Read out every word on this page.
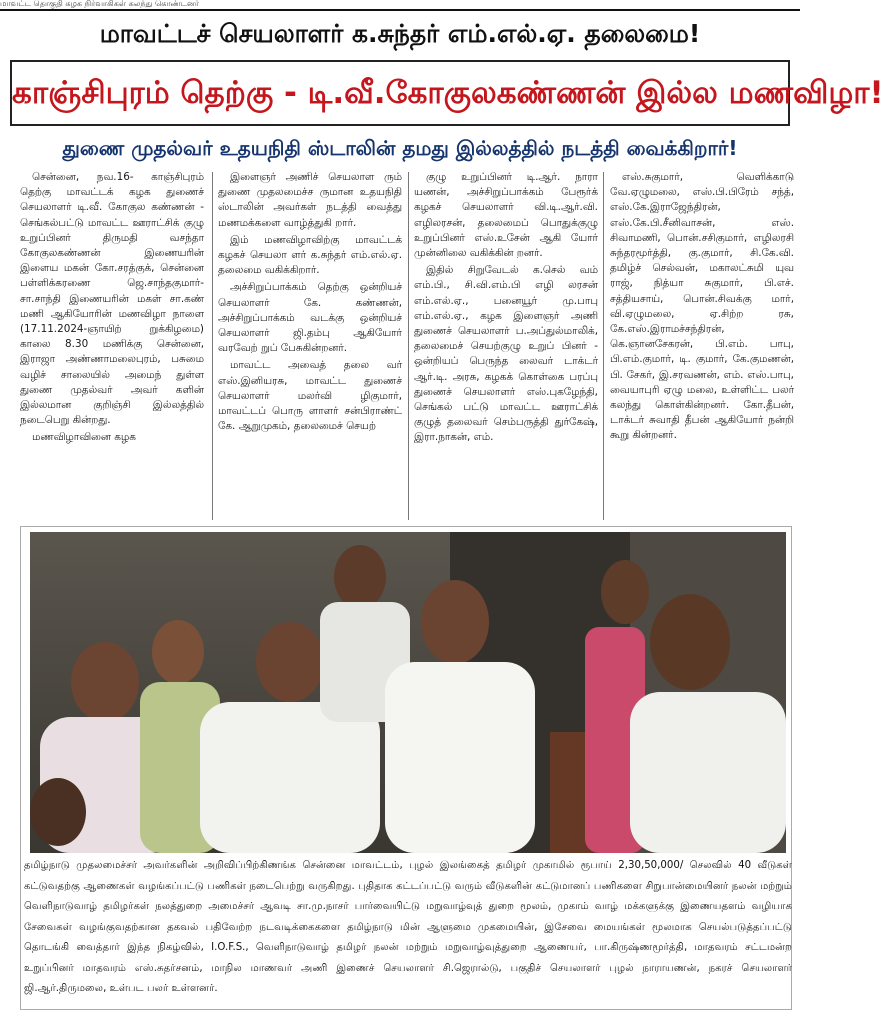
மாவட்ட தொகுதி கழக நிர்வாகிகள் கலந்து கொண்டனர்
மாவட்டச் செயலாளர் க.சுந்தர் எம்.எல்.ஏ. தலைமை!
காஞ்சிபுரம் தெற்கு - டி.வீ.கோகுலகண்ணன் இல்ல மணவிழா!
துணை முதல்வர் உதயநிதி ஸ்டாலின் தமது இல்லத்தில் நடத்தி வைக்கிறார்!

சென்னை, நவ.16- காஞ்சிபுரம் தெற்கு மாவட்டக் கழக துணைச் செயலாளர் டி.வீ. கோகுல கண்ணன் - செங்கல்பட்டு மாவட்ட ஊராட்சிக் குழு உறுப்பினர் திருமதி வசந்தா கோகுலகண்ணன் இணையரின் இளைய மகன் கோ.சரத்குக், சென்னை பள்ளிக்கரணை ஜெ.சாந்தகுமார்- சா.சாந்தி இணையரின் மகள் சா.கண் மணி ஆகியோரின் மணவிழா நாளை (17.11.2024-ஞாயிற் றுக்கிழமை) காலை 8.30 மணிக்கு சென்னை, இராஜா அண்ணாமலைபுரம், பசுமை வழிச் சாலையில் அமைந் துள்ள துணை முதல்வர் அவர் களின் இல்லமான குறிஞ்சி இல்லத்தில் நடைபெறு கின்றது.

மணவிழாவினை கழக

இளைஞர் அணிச் செயலாள ரும் துணை முதலமைச்ச ருமான உதயநிதி ஸ்டாலின் அவர்கள் நடத்தி வைத்து மணமக்களை வாழ்த்துகி றார்.

இம் மணவிழாவிற்கு மாவட்டக் கழகச் செயலா ளர் க.சுந்தர் எம்.எல்.ஏ. தலைமை வகிக்கிறார்.

அச்சிறுப்பாக்கம் தெற்கு ஒன்றியச் செயலாளர் கே. கண்ணன், அச்சிறுப்பாக்கம் வடக்கு ஒன்றியச் செயலாளர் ஜி.தம்பு ஆகியோர் வரவேற் றுப் பேசுகின்றனர்.

மாவட்ட அவைத் தலை வர் எஸ்.இனியரசு, மாவட்ட துணைச் செயலாளர் மலர்வி ழிகுமார், மாவட்டப் பொரு ளாளர் சன்பிராண்ட் கே. ஆறுமுகம், தலைமைச் செயற்

குழு உறுப்பினர் டி.ஆர். நாரா யணன், அச்சிறுப்பாக்கம் பேரூர்க் கழகச் செயலாளர் வி.டி.ஆர்.வி. எழிலரசன், தலைமைப் பொதுக்குழு உறுப்பினர் எஸ்.உசேன் ஆகி யோர் முன்னிலை வகிக்கின் றனர்.

இதில் சிறுவேடல் க.செல் வம் எம்.பி., சி.வி.எம்.பி எழி லரசன் எம்.எல்.ஏ., பனையூர் மு.பாபு எம்.எல்.ஏ., கழக இளைஞர் அணி துணைச் செயலாளர் ப.அப்துல்மாலிக், தலைமைச் செயற்குழு உறுப் பினர் - ஒன்றியப் பெருந்த லைவர் டாக்டர் ஆர்.டி. அரசு, கழகக் கொள்கை பரப்பு துணைச் செயலாளர் எஸ்.புகழேந்தி, செங்கல் பட்டு மாவட்ட ஊராட்சிக் குழுத் தலைவர் செம்பருத்தி துர்கேஷ், இரா.நாகன், எம்.

எஸ்.சுகுமார், வெளிக்காடு வே.ஏழுமலை, எஸ்.பி.பிரேம் சந்த், எஸ்.கே.இராஜேந்திரன், எஸ்.கே.பி.சீனிவாசன், எஸ். சிவாமணி, பொன்.சசிகுமார், எழிலரசி சுந்தரமூர்த்தி, கு.குமார், சி.கே.வி. தமிழ்ச் செல்வன், மகாலட்சுமி யுவ ராஜ், நித்யா சுகுமார், பி.எச். சத்தியசாய், பொன்.சிவக்கு மார், வி.ஏழுமலை, ஏ.சிற்ற ரசு, கே.எஸ்.இராமச்சந்திரன், கெ.ஞானசேகரன், பி.எம். பாபு, பி.எம்.குமார், டி. குமார், கே.குமணன், பி. சேகர், இ.சரவணன், எம். எஸ்.பாபு, வையாபுரி ஏழு மலை, உள்ளிட்ட பலர் கலந்து கொள்கின்றனர். கோ.தீபன், டாக்டர் சுவாதி தீபன் ஆகியோர் நன்றி கூறு கின்றனர்.

தமிழ்நாடு முதலமைச்சர் அவர்களின் அறிவிப்பிற்கிணங்க சென்னை மாவட்டம், புழல் இலங்கைத் தமிழர் முகாமில் ரூபாய் 2,30,50,000/ செலவில் 40 வீடுகள் கட்டுவதற்கு ஆணைகள் வழங்கப்பட்டு பணிகள் நடைபெற்று வருகிறது. புதிதாக கட்டப்பட்டு வரும் வீடுகளின் கட்டுமானப் பணிகளை சிறுபான்மையினர் நலன் மற்றும் வெளிநாடுவாழ் தமிழர்கள் நலத்துறை அமைச்சர் ஆவடி சா.மு.நாசர் பார்வையிட்டு மறுவாழ்வுத் துறை மூலம், முகாம் வாழ் மக்களுக்கு இணையதளம் வழியாக சேவைகள் வழங்குவதற்கான தகவல் பதிவேற்ற நடவடிக்கைகளை தமிழ்நாடு மின் ஆளுமை முகமையின், இசேவை மையங்கள் மூலமாக செயல்படுத்தப்பட்டு தொடங்கி வைத்தார் இந்த நிகழ்வில், I.O.F.S., வெளிநாடுவாழ் தமிழர் நலன் மற்றும் மறுவாழ்வுத்துறை ஆணையர், பா.கிருஷ்ணமூர்த்தி, மாதவரம் சட்டமன்ற உறுப்பினர் மாதவரம் எஸ்.சுதர்சனம், மாநில மாணவர் அணி இணைச் செயலாளர் சி.ஜெரால்டு, பகுதிச் செயலாளர் புழல் நாராயணன், நகரச் செயலாளர் ஜி.ஆர்.திருமலை, உள்பட பலர் உள்ளனர்.
